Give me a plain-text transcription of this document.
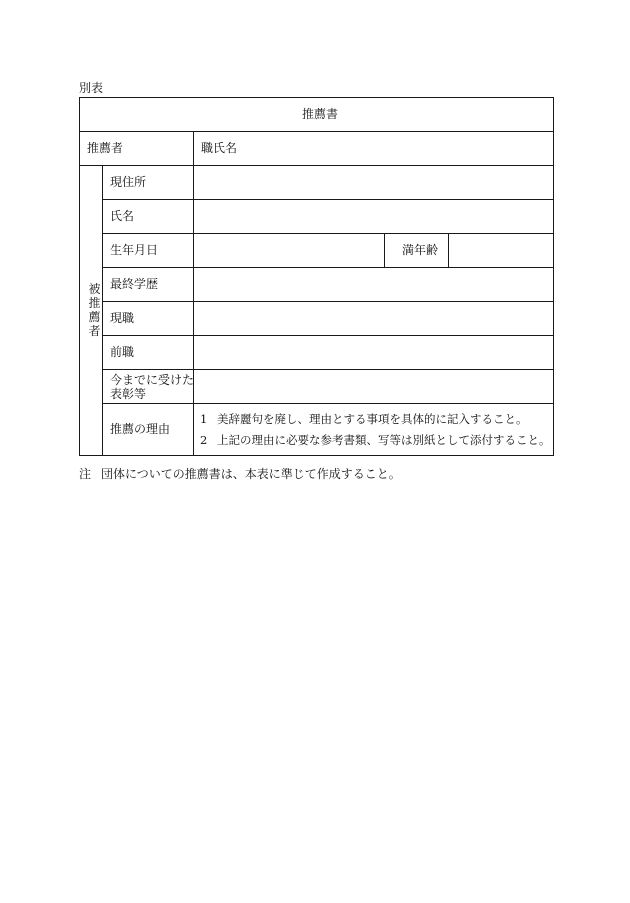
別表
推薦書				
推薦者		職氏名		
被推薦者	現住所			
	氏名			
	生年月日		満年齢	
	最終学歴			
	現職			
	前職			

	今までに受けた表彰等			

	推薦の理由	1 美辞麗句を廃し、理由とする事項を具体的に記入すること。
2 上記の理由に必要な参考書類、写等は別紙として添付すること。		
注 団体についての推薦書は、本表に準じて作成すること。
